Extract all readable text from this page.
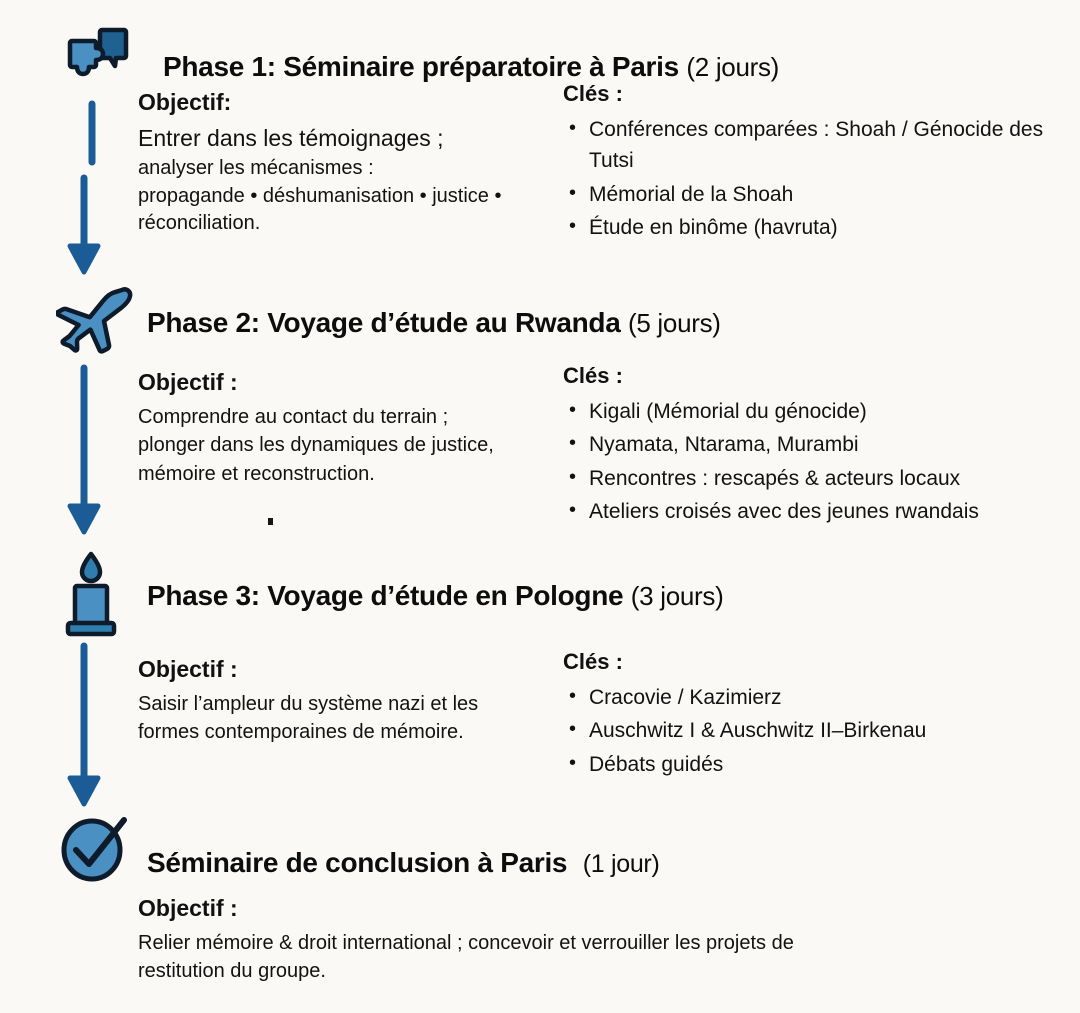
Phase 1: Séminaire préparatoire à Paris (2 jours)

Objectif:

Entrer dans les témoignages ;

analyser les mécanismes :

propagande • déshumanisation • justice •

réconciliation.

Clés :

• Conférences comparées : Shoah / Génocide des Tutsi
• Mémorial de la Shoah
• Étude en binôme (havruta)
Phase 2: Voyage d’étude au Rwanda (5 jours)

Objectif :

Comprendre au contact du terrain ;

plonger dans les dynamiques de justice,

mémoire et reconstruction.

Clés :

• Kigali (Mémorial du génocide)
• Nyamata, Ntarama, Murambi
• Rencontres : rescapés & acteurs locaux
• Ateliers croisés avec des jeunes rwandais
Phase 3: Voyage d’étude en Pologne (3 jours)

Objectif :

Saisir l’ampleur du système nazi et les

formes contemporaines de mémoire.

Clés :

• Cracovie / Kazimierz
• Auschwitz I & Auschwitz II–Birkenau
• Débats guidés
Séminaire de conclusion à Paris (1 jour)

Objectif :

Relier mémoire & droit international ; concevoir et verrouiller les projets de

restitution du groupe.
